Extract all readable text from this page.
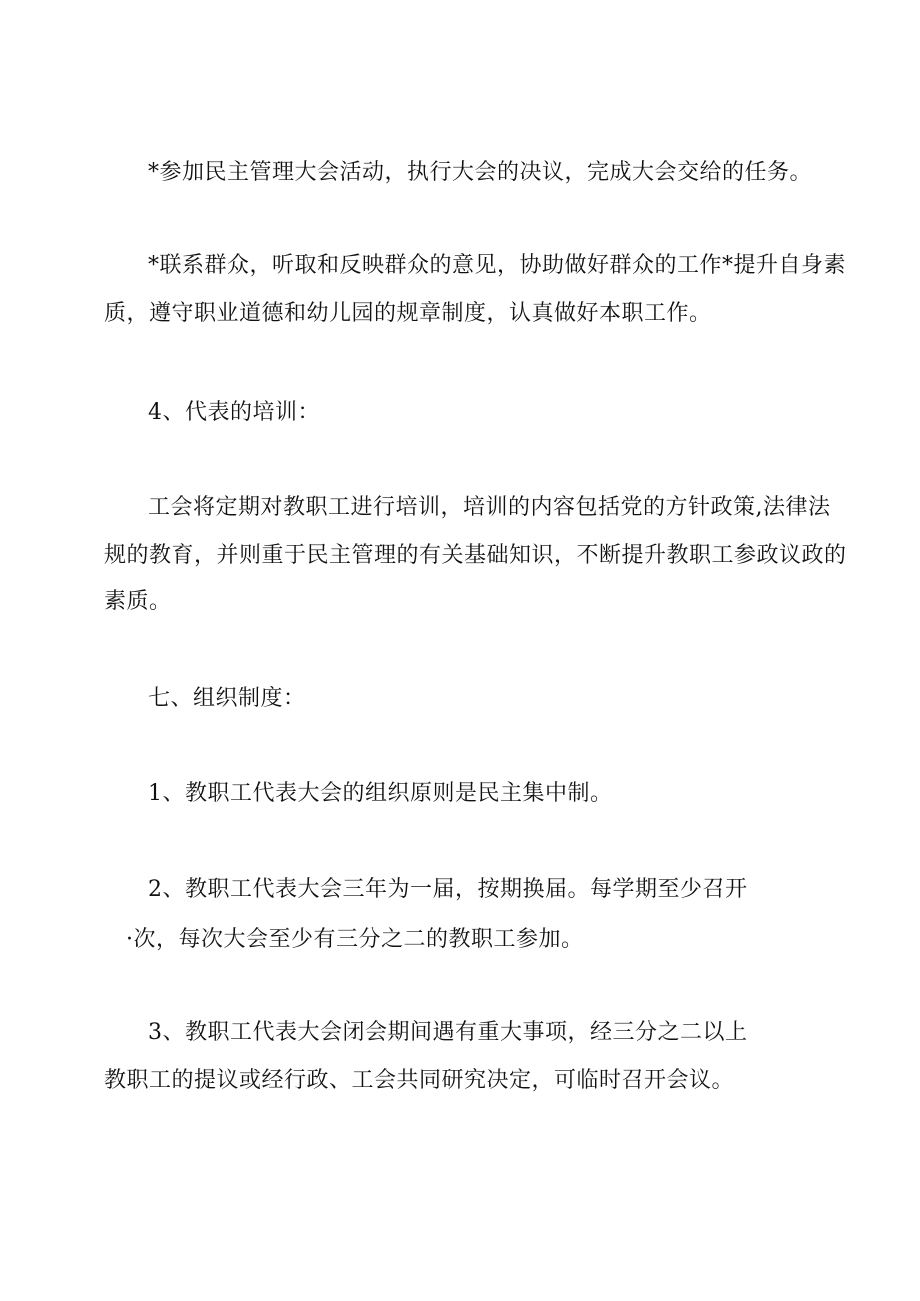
*参加民主管理大会活动，执行大会的决议，完成大会交给的任务。
*联系群众，听取和反映群众的意见，协助做好群众的工作*提升自身素
质，遵守职业道德和幼儿园的规章制度，认真做好本职工作。
4、代表的培训：
工会将定期对教职工进行培训，培训的内容包括党的方针政策,法律法
规的教育，并则重于民主管理的有关基础知识，不断提升教职工参政议政的
素质。
七、组织制度：
1、教职工代表大会的组织原则是民主集中制。
2、教职工代表大会三年为一届，按期换届。每学期至少召开
·次，每次大会至少有三分之二的教职工参加。
3、教职工代表大会闭会期间遇有重大事项，经三分之二以上
教职工的提议或经行政、工会共同研究决定，可临时召开会议。
